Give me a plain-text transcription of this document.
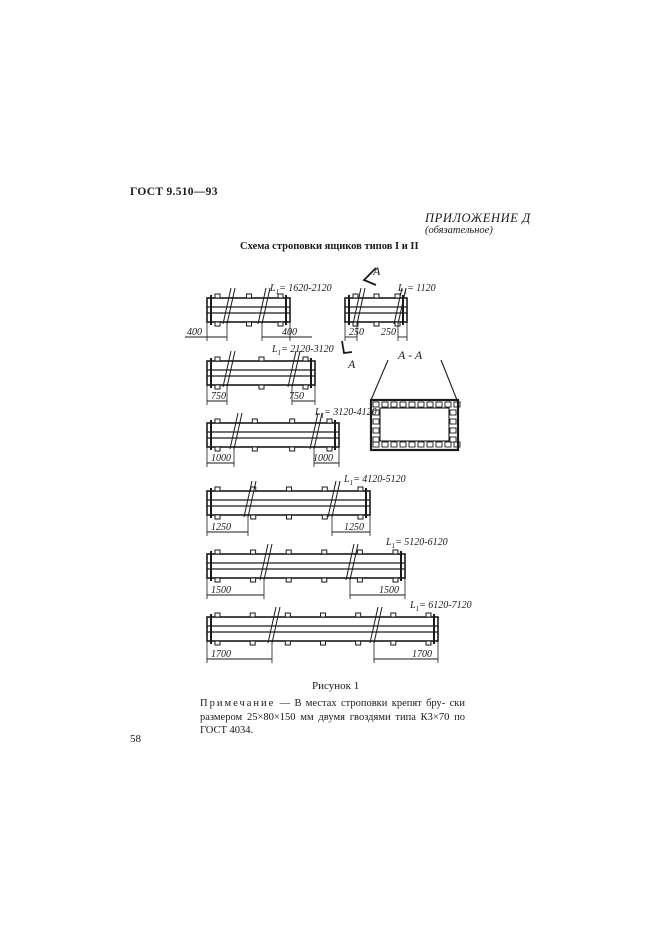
ГОСТ 9.510—93
ПРИЛОЖЕНИЕ Д
(обязательное)
Схема строповки ящиков типов I и II
400	400
$L_1= 1620-2120$
250 250
$L_1= 1120$
750	750
$L_1= 2120-3120$
1000	1000
$L_1= 3120-4120$
1250	1250
$L_1= 4120-5120$
1500	1500
$L_1= 5120-6120$
1700	1700
$L_1= 6120-7120$
A - A
A
A
Рисунок 1
Примечание — В местах строповки крепят бру- ски размером 25×80×150 мм двумя гвоздями типа К3×70 по ГОСТ 4034.
58
